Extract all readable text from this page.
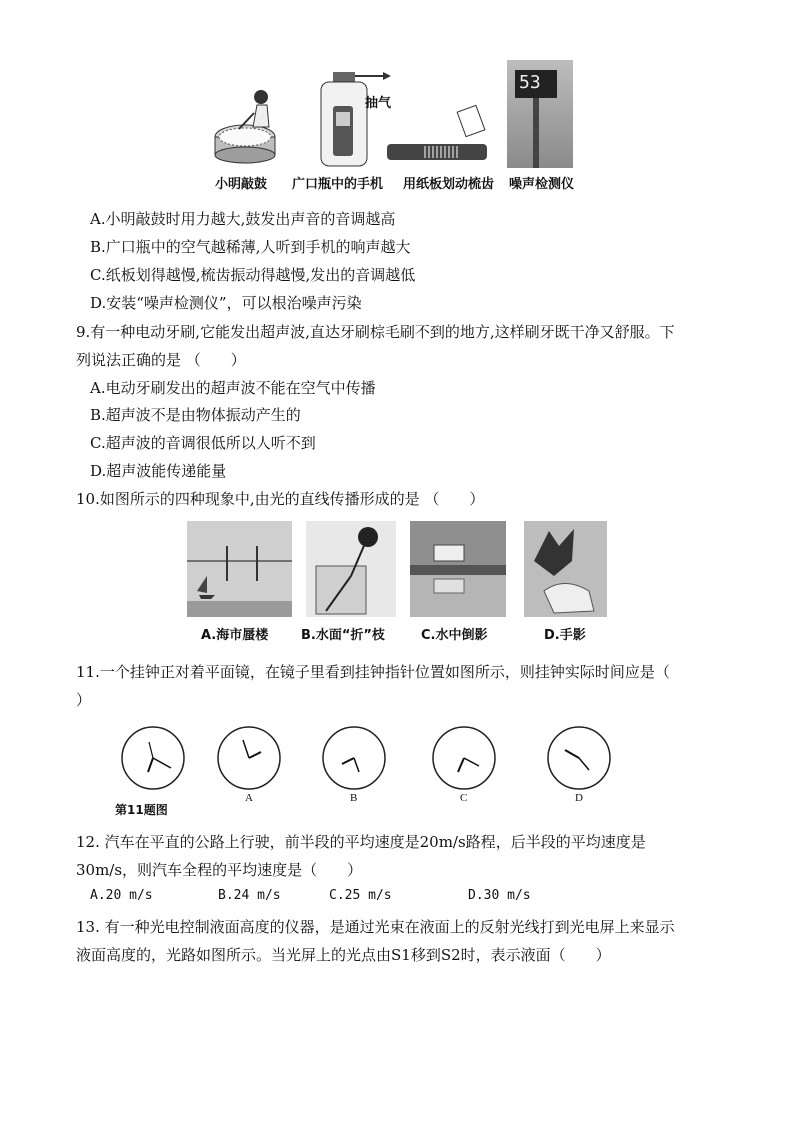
抽气
53
小明敲鼓 广口瓶中的手机 用纸板划动梳齿 噪声检测仪
A.小明敲鼓时用力越大,鼓发出声音的音调越高
B.广口瓶中的空气越稀薄,人听到手机的响声越大
C.纸板划得越慢,梳齿振动得越慢,发出的音调越低
D.安装“噪声检测仪”，可以根治噪声污染
9.有一种电动牙刷,它能发出超声波,直达牙刷棕毛刷不到的地方,这样刷牙既干净又舒服。下
列说法正确的是 （　　）
A.电动牙刷发出的超声波不能在空气中传播
B.超声波不是由物体振动产生的
C.超声波的音调很低所以人听不到
D.超声波能传递能量
10.如图所示的四种现象中,由光的直线传播形成的是 （　　）
A.海市蜃楼	B.水面“折”枝	C.水中倒影	D.手影
11.一个挂钟正对着平面镜，在镜子里看到挂钟指针位置如图所示，则挂钟实际时间应是（
）
第11题图
A	B	C	D
12. 汽车在平直的公路上行驶，前半段的平均速度是20m/s路程，后半段的平均速度是
30m/s，则汽车全程的平均速度是（　　）
A.20 m/s	B.24 m/s	C.25 m/s	D.30 m/s
13. 有一种光电控制液面高度的仪器，是通过光束在液面上的反射光线打到光电屏上来显示
液面高度的，光路如图所示。当光屏上的光点由S1移到S2时，表示液面（　　）
